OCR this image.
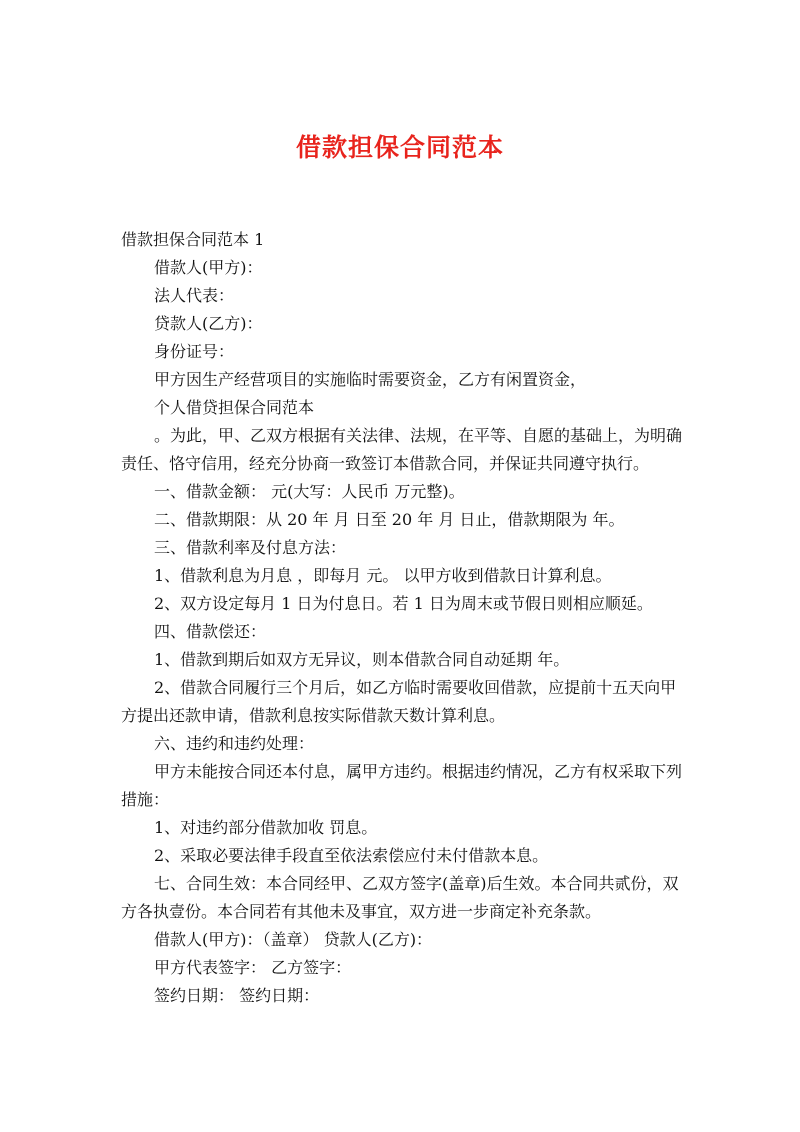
借款担保合同范本
借款担保合同范本 1
借款人(甲方)：
法人代表：
贷款人(乙方)：
身份证号：
甲方因生产经营项目的实施临时需要资金，乙方有闲置资金，
个人借贷担保合同范本
。为此，甲、乙双方根据有关法律、法规，在平等、自愿的基础上，为明确
责任、恪守信用，经充分协商一致签订本借款合同，并保证共同遵守执行。
一、借款金额： 元(大写：人民币 万元整)。
二、借款期限：从 20 年 月 日至 20 年 月 日止，借款期限为 年。
三、借款利率及付息方法：
1、借款利息为月息 ，即每月 元。 以甲方收到借款日计算利息。
2、双方设定每月 1 日为付息日。若 1 日为周末或节假日则相应顺延。
四、借款偿还：
1、借款到期后如双方无异议，则本借款合同自动延期 年。
2、借款合同履行三个月后，如乙方临时需要收回借款，应提前十五天向甲
方提出还款申请，借款利息按实际借款天数计算利息。
六、违约和违约处理：
甲方未能按合同还本付息，属甲方违约。根据违约情况，乙方有权采取下列
措施：
1、对违约部分借款加收 罚息。
2、采取必要法律手段直至依法索偿应付未付借款本息。
七、合同生效：本合同经甲、乙双方签字(盖章)后生效。本合同共贰份，双
方各执壹份。本合同若有其他未及事宜，双方进一步商定补充条款。
借款人(甲方)：（盖章） 贷款人(乙方)：
甲方代表签字： 乙方签字：
签约日期： 签约日期：
